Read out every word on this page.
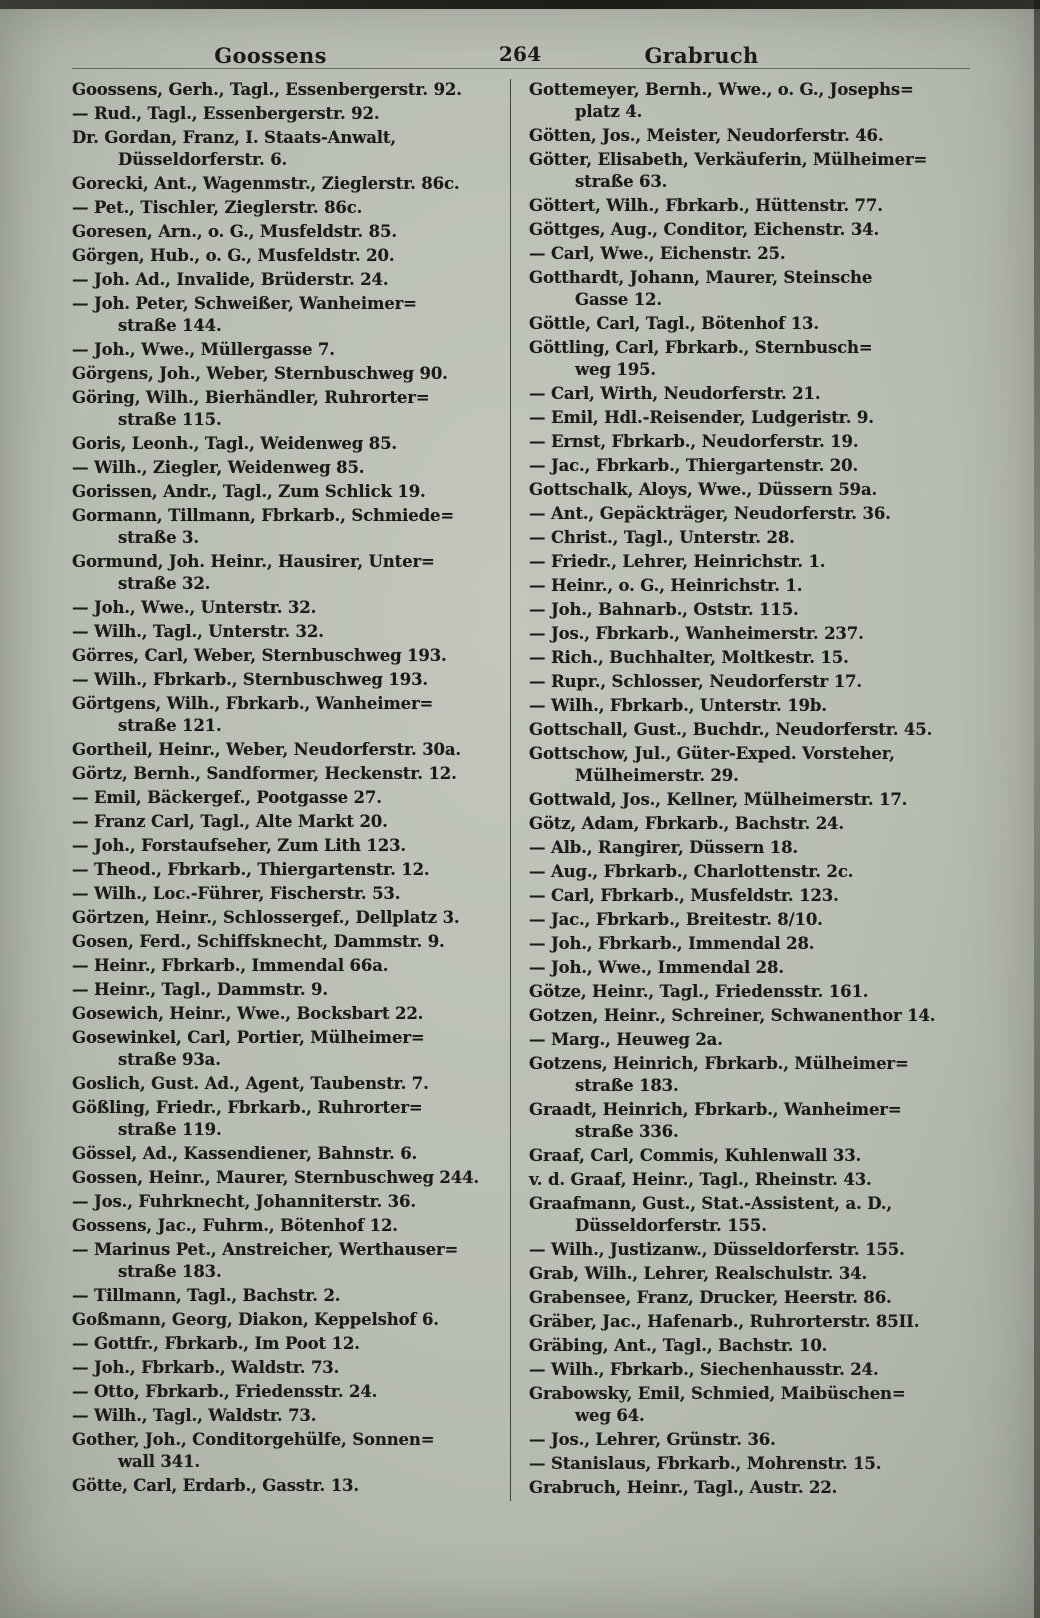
Goossens	264	Grabruch
Goossens, Gerh., Tagl., Essenbergerstr. 92.
— Rud., Tagl., Essenbergerstr. 92.
Dr. Gordan, Franz, I. Staats-Anwalt,
Düsseldorferstr. 6.
Gorecki, Ant., Wagenmstr., Zieglerstr. 86c.
— Pet., Tischler, Zieglerstr. 86c.
Goresen, Arn., o. G., Musfeldstr. 85.
Görgen, Hub., o. G., Musfeldstr. 20.
— Joh. Ad., Invalide, Brüderstr. 24.
— Joh. Peter, Schweißer, Wanheimer=
straße 144.
— Joh., Wwe., Müllergasse 7.
Görgens, Joh., Weber, Sternbuschweg 90.
Göring, Wilh., Bierhändler, Ruhrorter=
straße 115.
Goris, Leonh., Tagl., Weidenweg 85.
— Wilh., Ziegler, Weidenweg 85.
Gorissen, Andr., Tagl., Zum Schlick 19.
Gormann, Tillmann, Fbrkarb., Schmiede=
straße 3.
Gormund, Joh. Heinr., Hausirer, Unter=
straße 32.
— Joh., Wwe., Unterstr. 32.
— Wilh., Tagl., Unterstr. 32.
Görres, Carl, Weber, Sternbuschweg 193.
— Wilh., Fbrkarb., Sternbuschweg 193.
Görtgens, Wilh., Fbrkarb., Wanheimer=
straße 121.
Gortheil, Heinr., Weber, Neudorferstr. 30a.
Görtz, Bernh., Sandformer, Heckenstr. 12.
— Emil, Bäckergef., Pootgasse 27.
— Franz Carl, Tagl., Alte Markt 20.
— Joh., Forstaufseher, Zum Lith 123.
— Theod., Fbrkarb., Thiergartenstr. 12.
— Wilh., Loc.-Führer, Fischerstr. 53.
Görtzen, Heinr., Schlossergef., Dellplatz 3.
Gosen, Ferd., Schiffsknecht, Dammstr. 9.
— Heinr., Fbrkarb., Immendal 66a.
— Heinr., Tagl., Dammstr. 9.
Gosewich, Heinr., Wwe., Bocksbart 22.
Gosewinkel, Carl, Portier, Mülheimer=
straße 93a.
Goslich, Gust. Ad., Agent, Taubenstr. 7.
Gößling, Friedr., Fbrkarb., Ruhrorter=
straße 119.
Gössel, Ad., Kassendiener, Bahnstr. 6.
Gossen, Heinr., Maurer, Sternbuschweg 244.
— Jos., Fuhrknecht, Johanniterstr. 36.
Gossens, Jac., Fuhrm., Bötenhof 12.
— Marinus Pet., Anstreicher, Werthauser=
straße 183.
— Tillmann, Tagl., Bachstr. 2.
Goßmann, Georg, Diakon, Keppelshof 6.
— Gottfr., Fbrkarb., Im Poot 12.
— Joh., Fbrkarb., Waldstr. 73.
— Otto, Fbrkarb., Friedensstr. 24.
— Wilh., Tagl., Waldstr. 73.
Gother, Joh., Conditorgehülfe, Sonnen=
wall 341.
Götte, Carl, Erdarb., Gasstr. 13.
Gottemeyer, Bernh., Wwe., o. G., Josephs=
platz 4.
Götten, Jos., Meister, Neudorferstr. 46.
Götter, Elisabeth, Verkäuferin, Mülheimer=
straße 63.
Göttert, Wilh., Fbrkarb., Hüttenstr. 77.
Göttges, Aug., Conditor, Eichenstr. 34.
— Carl, Wwe., Eichenstr. 25.
Gotthardt, Johann, Maurer, Steinsche
Gasse 12.
Göttle, Carl, Tagl., Bötenhof 13.
Göttling, Carl, Fbrkarb., Sternbusch=
weg 195.
— Carl, Wirth, Neudorferstr. 21.
— Emil, Hdl.-Reisender, Ludgeristr. 9.
— Ernst, Fbrkarb., Neudorferstr. 19.
— Jac., Fbrkarb., Thiergartenstr. 20.
Gottschalk, Aloys, Wwe., Düssern 59a.
— Ant., Gepäckträger, Neudorferstr. 36.
— Christ., Tagl., Unterstr. 28.
— Friedr., Lehrer, Heinrichstr. 1.
— Heinr., o. G., Heinrichstr. 1.
— Joh., Bahnarb., Oststr. 115.
— Jos., Fbrkarb., Wanheimerstr. 237.
— Rich., Buchhalter, Moltkestr. 15.
— Rupr., Schlosser, Neudorferstr 17.
— Wilh., Fbrkarb., Unterstr. 19b.
Gottschall, Gust., Buchdr., Neudorferstr. 45.
Gottschow, Jul., Güter-Exped. Vorsteher,
Mülheimerstr. 29.
Gottwald, Jos., Kellner, Mülheimerstr. 17.
Götz, Adam, Fbrkarb., Bachstr. 24.
— Alb., Rangirer, Düssern 18.
— Aug., Fbrkarb., Charlottenstr. 2c.
— Carl, Fbrkarb., Musfeldstr. 123.
— Jac., Fbrkarb., Breitestr. 8/10.
— Joh., Fbrkarb., Immendal 28.
— Joh., Wwe., Immendal 28.
Götze, Heinr., Tagl., Friedensstr. 161.
Gotzen, Heinr., Schreiner, Schwanenthor 14.
— Marg., Heuweg 2a.
Gotzens, Heinrich, Fbrkarb., Mülheimer=
straße 183.
Graadt, Heinrich, Fbrkarb., Wanheimer=
straße 336.
Graaf, Carl, Commis, Kuhlenwall 33.
v. d. Graaf, Heinr., Tagl., Rheinstr. 43.
Graafmann, Gust., Stat.-Assistent, a. D.,
Düsseldorferstr. 155.
— Wilh., Justizanw., Düsseldorferstr. 155.
Grab, Wilh., Lehrer, Realschulstr. 34.
Grabensee, Franz, Drucker, Heerstr. 86.
Gräber, Jac., Hafenarb., Ruhrorterstr. 85II.
Gräbing, Ant., Tagl., Bachstr. 10.
— Wilh., Fbrkarb., Siechenhausstr. 24.
Grabowsky, Emil, Schmied, Maibüschen=
weg 64.
— Jos., Lehrer, Grünstr. 36.
— Stanislaus, Fbrkarb., Mohrenstr. 15.
Grabruch, Heinr., Tagl., Austr. 22.
